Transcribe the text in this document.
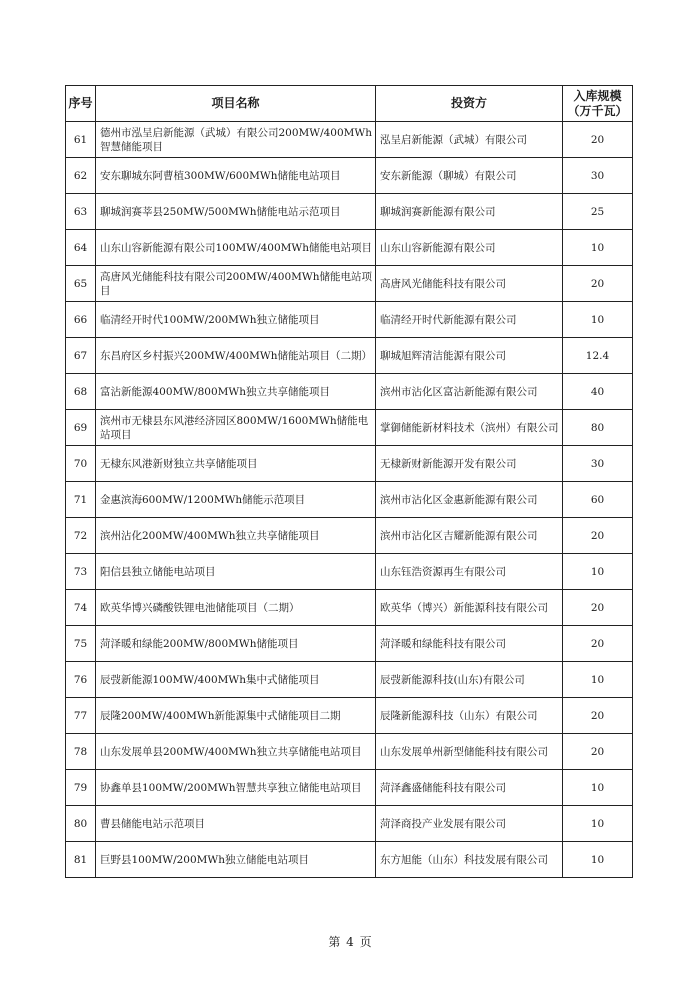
序号	项目名称	投资方	入库规模
（万千瓦）

61	德州市泓呈启新能源（武城）有限公司200MW/400MWh智慧储能项目	泓呈启新能源（武城）有限公司	20
62	安东聊城东阿曹植300MW/600MWh储能电站项目	安东新能源（聊城）有限公司	30
63	聊城润赛莘县250MW/500MWh储能电站示范项目	聊城润赛新能源有限公司	25
64	山东山容新能源有限公司100MW/400MWh储能电站项目	山东山容新能源有限公司	10
65	高唐风光储能科技有限公司200MW/400MWh储能电站项目	高唐风光储能科技有限公司	20
66	临清经开时代100MW/200MWh独立储能项目	临清经开时代新能源有限公司	10
67	东昌府区乡村振兴200MW/400MWh储能站项目（二期）	聊城旭辉清洁能源有限公司	12.4
68	富沾新能源400MW/800MWh独立共享储能项目	滨州市沾化区富沾新能源有限公司	40
69	滨州市无棣县东风港经济园区800MW/1600MWh储能电站项目	掌御储能新材料技术（滨州）有限公司	80
70	无棣东风港新财独立共享储能项目	无棣新财新能源开发有限公司	30
71	金惠滨海600MW/1200MWh储能示范项目	滨州市沾化区金惠新能源有限公司	60
72	滨州沾化200MW/400MWh独立共享储能项目	滨州市沾化区吉耀新能源有限公司	20
73	阳信县独立储能电站项目	山东钰浩资源再生有限公司	10
74	欧英华博兴磷酸铁锂电池储能项目（二期）	欧英华（博兴）新能源科技有限公司	20
75	菏泽暖和绿能200MW/800MWh储能项目	菏泽暖和绿能科技有限公司	20
76	辰弢新能源100MW/400MWh集中式储能项目	辰弢新能源科技(山东)有限公司	10
77	辰隆200MW/400MWh新能源集中式储能项目二期	辰隆新能源科技（山东）有限公司	20
78	山东发展单县200MW/400MWh独立共享储能电站项目	山东发展单州新型储能科技有限公司	20
79	协鑫单县100MW/200MWh智慧共享独立储能电站项目	菏泽鑫盛储能科技有限公司	10
80	曹县储能电站示范项目	菏泽商投产业发展有限公司	10
81	巨野县100MW/200MWh独立储能电站项目	东方旭能（山东）科技发展有限公司	10
第 4 页
